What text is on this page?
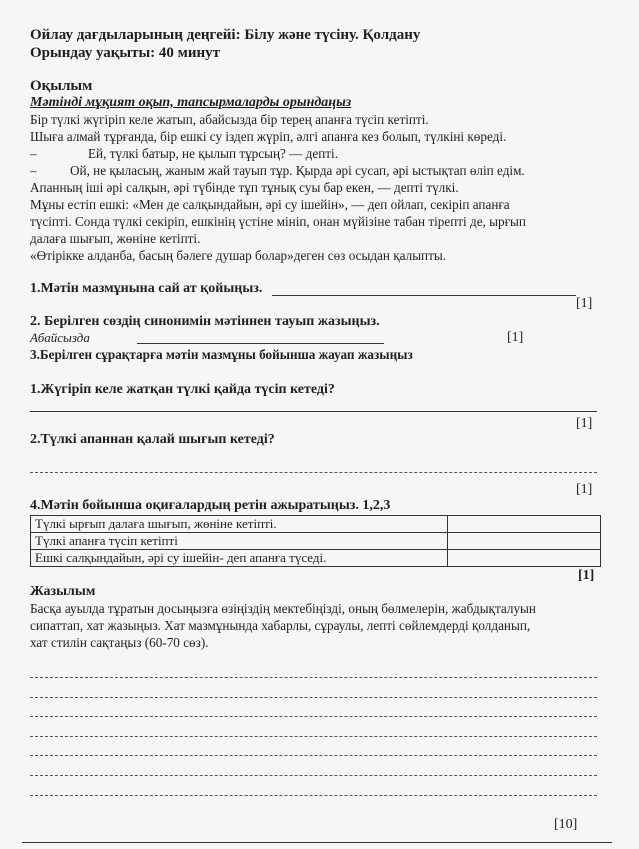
Ойлау дағдыларының деңгейі: Білу және түсіну. Қолдану

Орындау уақыты: 40 минут

Оқылым

Мәтінді мұқият оқып, тапсырмаларды орындаңыз

Бір түлкі жүгіріп келе жатып, абайсызда бір терең апанға түсіп кетіпті.

Шыға алмай тұрғанда, бір ешкі су іздеп жүріп, әлгі апанға кез болып, түлкіні көреді.

–	Ей, түлкі батыр, не қылып тұрсың? — депті.

–	Ой, не қыласың, жаным жай тауып тұр. Қырда әрі сусап, әрі ыстықтап өліп едім.

Апанның іші әрі салқын, әрі түбінде тұп тұнық суы бар екен, — депті түлкі.

Мұны естіп ешкі: «Мен де салқындайын, әрі су ішейін», — деп ойлап, секіріп апанға

түсіпті. Сонда түлкі секіріп, ешкінің үстіне мініп, онан мүйізіне табан тірепті де, ырғып

далаға шығып, жөніне кетіпті.

«Өтірікке алданба, басың бәлеге душар болар»деген сөз осыдан қалыпты.

1.Мәтін мазмұнына сай ат қойыңыз.

[1]

2. Берілген сөздің синонимін мәтіннен тауып жазыңыз.

Абайсызда	[1]

3.Берілген сұрақтарға мәтін мазмұны бойынша жауап жазыңыз

1.Жүгіріп келе жатқан түлкі қайда түсіп кетеді?

[1]

2.Түлкі апаннан қалай шығып кетеді?

[1]

4.Мәтін бойынша оқиғалардың ретін ажыратыңыз. 1,2,3

Түлкі ырғып далаға шығып, жөніне кетіпті.	
Түлкі апанға түсіп кетіпті	
Ешкі салқындайын, әрі су ішейін- деп апанға түседі.	

[1]

Жазылым

Басқа ауылда тұратын досыңызға өзіңіздің мектебіңізді, оның бөлмелерін, жабдықталуын

сипаттап, хат жазыңыз. Хат мазмұнында хабарлы, сұраулы, лепті сөйлемдерді қолданып,

хат стилін сақтаңыз (60-70 сөз).

[10]
